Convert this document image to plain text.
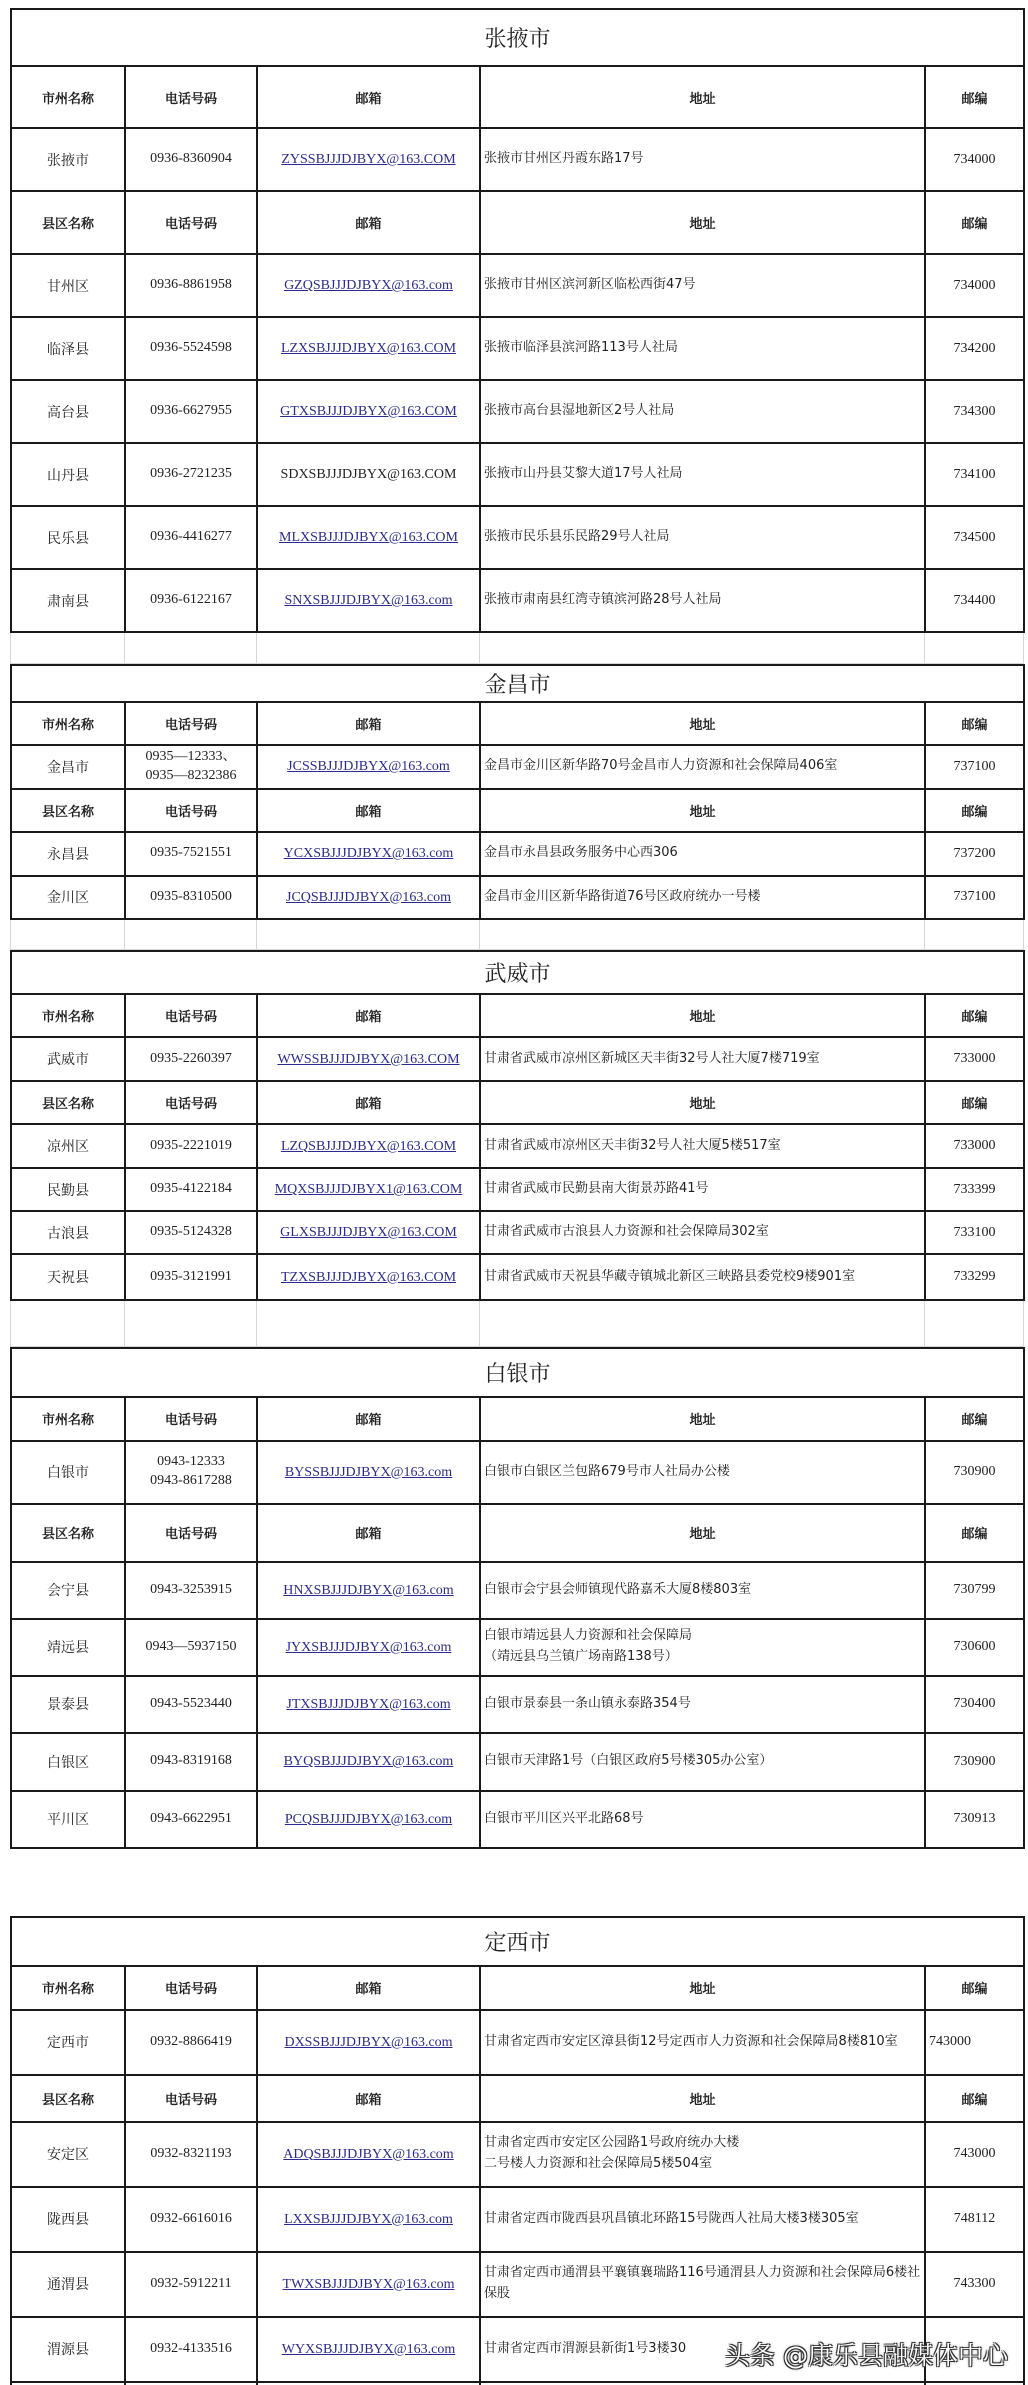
张掖市				
市州名称	电话号码	邮箱	地址	邮编
张掖市	0936-8360904	ZYSSBJJJDJBYX@163.COM	张掖市甘州区丹霞东路17号	734000
县区名称	电话号码	邮箱	地址	邮编
甘州区	0936-8861958	GZQSBJJJDJBYX@163.com	张掖市甘州区滨河新区临松西街47号	734000
临泽县	0936-5524598	LZXSBJJJDJBYX@163.COM	张掖市临泽县滨河路113号人社局	734200
高台县	0936-6627955	GTXSBJJJDJBYX@163.COM	张掖市高台县湿地新区2号人社局	734300
山丹县	0936-2721235	SDXSBJJJDJBYX@163.COM	张掖市山丹县艾黎大道17号人社局	734100
民乐县	0936-4416277	MLXSBJJJDJBYX@163.COM	张掖市民乐县乐民路29号人社局	734500
肃南县	0936-6122167	SNXSBJJJDJBYX@163.com	张掖市肃南县红湾寺镇滨河路28号人社局	734400

金昌市				
市州名称	电话号码	邮箱	地址	邮编
金昌市	0935—12333、
0935—8232386	JCSSBJJJDJBYX@163.com	金昌市金川区新华路70号金昌市人力资源和社会保障局406室	737100
县区名称	电话号码	邮箱	地址	邮编
永昌县	0935-7521551	YCXSBJJJDJBYX@163.com	金昌市永昌县政务服务中心西306	737200
金川区	0935-8310500	JCQSBJJJDJBYX@163.com	金昌市金川区新华路街道76号区政府统办一号楼	737100

武威市				
市州名称	电话号码	邮箱	地址	邮编
武威市	0935-2260397	WWSSBJJJDJBYX@163.COM	甘肃省武威市凉州区新城区天丰街32号人社大厦7楼719室	733000
县区名称	电话号码	邮箱	地址	邮编
凉州区	0935-2221019	LZQSBJJJDJBYX@163.COM	甘肃省武威市凉州区天丰街32号人社大厦5楼517室	733000
民勤县	0935-4122184	MQXSBJJJDJBYX1@163.COM	甘肃省武威市民勤县南大街景苏路41号	733399
古浪县	0935-5124328	GLXSBJJJDJBYX@163.COM	甘肃省武威市古浪县人力资源和社会保障局302室	733100
天祝县	0935-3121991	TZXSBJJJDJBYX@163.COM	甘肃省武威市天祝县华藏寺镇城北新区三峡路县委党校9楼901室	733299

白银市				
市州名称	电话号码	邮箱	地址	邮编
白银市	0943-12333
0943-8617288	BYSSBJJJDJBYX@163.com	白银市白银区兰包路679号市人社局办公楼	730900
县区名称	电话号码	邮箱	地址	邮编
会宁县	0943-3253915	HNXSBJJJDJBYX@163.com	白银市会宁县会师镇现代路嘉禾大厦8楼803室	730799
靖远县	0943—5937150	JYXSBJJJDJBYX@163.com	白银市靖远县人力资源和社会保障局
（靖远县乌兰镇广场南路138号）	730600
景泰县	0943-5523440	JTXSBJJJDJBYX@163.com	白银市景泰县一条山镇永泰路354号	730400
白银区	0943-8319168	BYQSBJJJDJBYX@163.com	白银市天津路1号（白银区政府5号楼305办公室）	730900
平川区	0943-6622951	PCQSBJJJDJBYX@163.com	白银市平川区兴平北路68号	730913
定西市				
市州名称	电话号码	邮箱	地址	邮编
定西市	0932-8866419	DXSSBJJJDJBYX@163.com	甘肃省定西市安定区漳县街12号定西市人力资源和社会保障局8楼810室	743000
县区名称	电话号码	邮箱	地址	邮编
安定区	0932-8321193	ADQSBJJJDJBYX@163.com	甘肃省定西市安定区公园路1号政府统办大楼
二号楼人力资源和社会保障局5楼504室	743000
陇西县	0932-6616016	LXXSBJJJDJBYX@163.com	甘肃省定西市陇西县巩昌镇北环路15号陇西人社局大楼3楼305室	748112
通渭县	0932-5912211	TWXSBJJJDJBYX@163.com	甘肃省定西市通渭县平襄镇襄瑞路116号通渭县人力资源和社会保障局6楼社保股	743300
渭源县	0932-4133516	WYXSBJJJDJBYX@163.com	甘肃省定西市渭源县新街1号3楼30	
				头条 @康乐县融媒体中心
